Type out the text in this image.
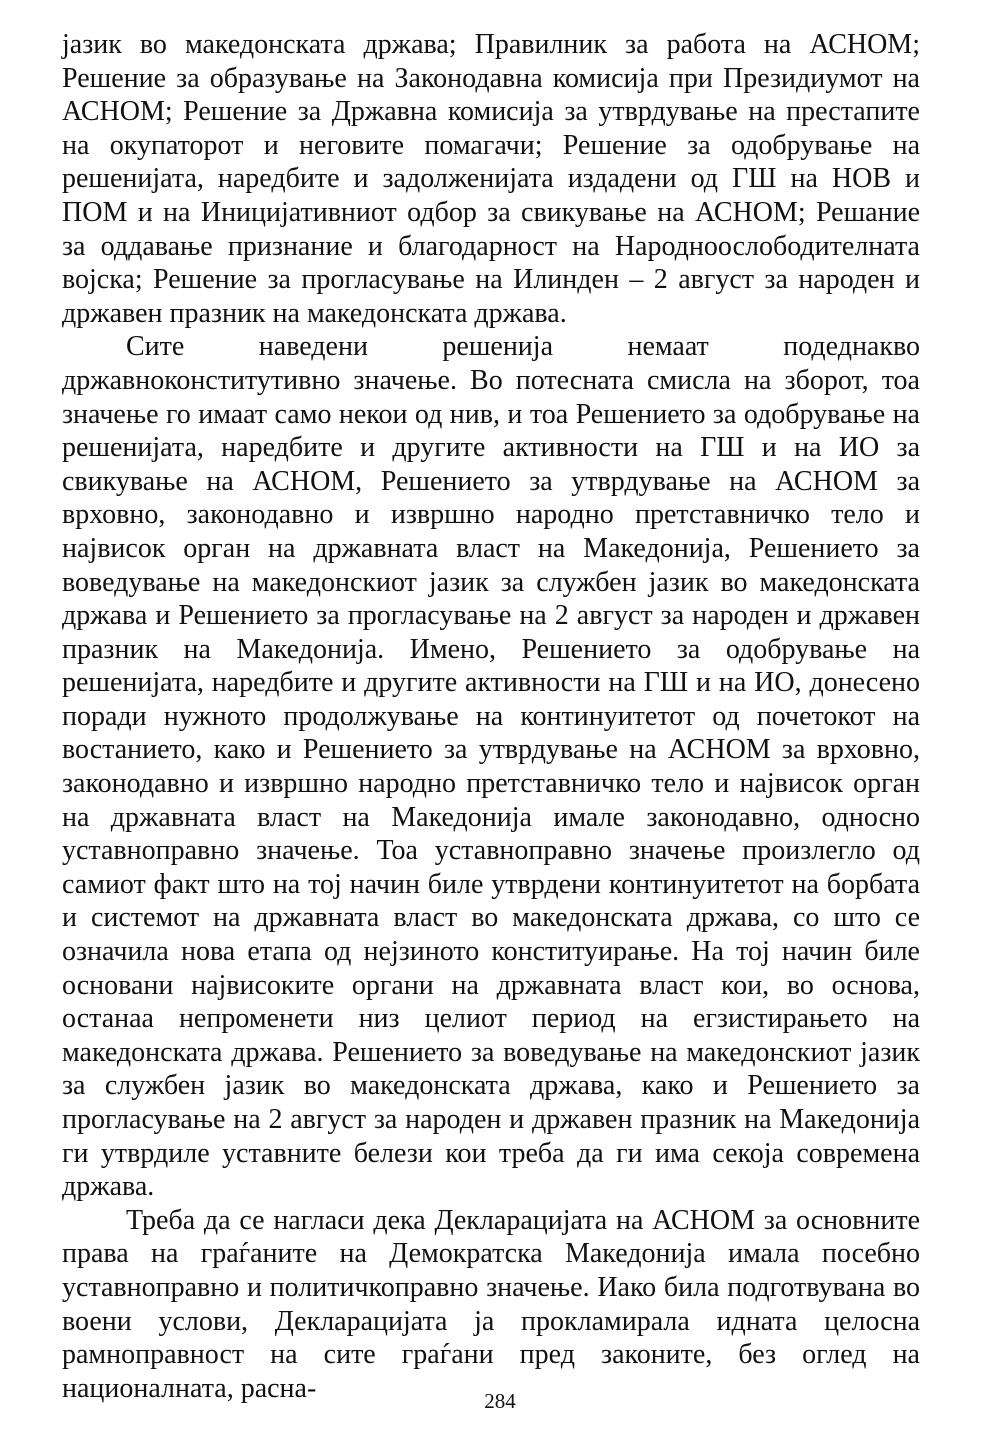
јазик во македонската држава; Правилник за работа на АСНОМ; Решение за образување на Законодавна комисија при Президиумот на АСНОМ; Решение за Државна комисија за утврдување на престапите на окупаторот и неговите помагачи; Решение за одобрување на решенијата, наредбите и задолженијата издадени од ГШ на НОВ и ПОМ и на Иницијативниот одбор за свикување на АСНОМ; Решание за оддавање признание и благодарност на Народноослободителната војска; Решение за прогласување на Илинден – 2 август за народен и државен празник на македонската држава.

Сите наведени решенија немаат подеднакво државноконститутивно значење. Во потесната смисла на зборот, тоа значење го имаат само некои од нив, и тоа Решението за одобрување на решенијата, наредбите и другите активности на ГШ и на ИО за свикување на АСНОМ, Решението за утврдување на АСНОМ за врховно, законодавно и извршно народно претставничко тело и највисок орган на државната власт на Македонија, Решението за воведување на македонскиот јазик за службен јазик во македонската држава и Решението за прогласување на 2 август за народен и државен празник на Македонија. Имено, Решението за одобрување на решенијата, наредбите и другите активности на ГШ и на ИО, донесено поради нужното продолжување на континуитетот од почетокот на востанието, како и Решението за утврдување на АСНОМ за врховно, законодавно и извршно народно претставничко тело и највисок орган на државната власт на Македонија имале законодавно, односно уставноправно значење. Тоа уставноправно значење произлегло од самиот факт што на тој начин биле утврдени континуитетот на борбата и системот на државната власт во македонската држава, со што се означила нова етапа од нејзиното конституирање. На тој начин биле основани највисоките органи на државната власт кои, во основа, останаа непроменети низ целиот период на егзистирањето на македонската држава. Решението за воведување на македонскиот јазик за службен јазик во македонската држава, како и Решението за прогласување на 2 август за народен и државен празник на Македонија ги утврдиле уставните белези кои треба да ги има секоја современа држава.

Треба да се нагласи дека Декларацијата на АСНОМ за основните права на граѓаните на Демократска Македонија имала посебно уставноправно и политичкоправно значење. Иако била подготвувана во воени услови, Декларацијата ја прокламирала идната целосна рамноправност на сите граѓани пред законите, без оглед на националната, расна-	284
